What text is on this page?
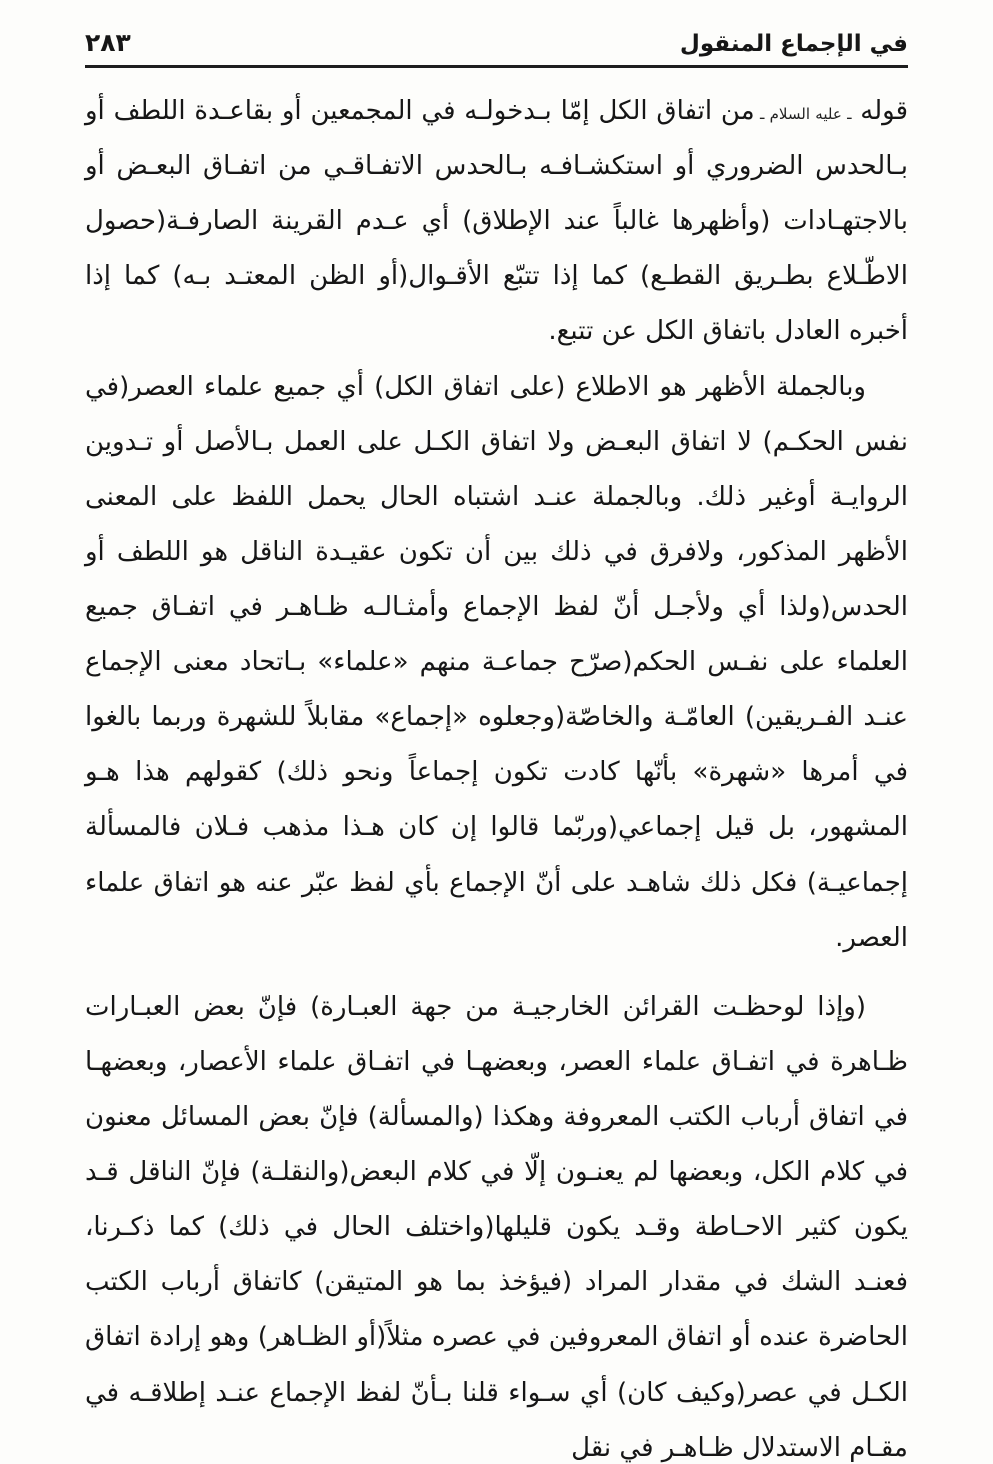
في الإجماع المنقول
٢٨٣

قوله ـ عليه السلام ـ من اتفاق الكل إمّا بـدخولـه في المجمعين أو بقاعـدة اللطف أو بـالحدس الضروري أو استكشـافـه بـالحدس الاتفـاقـي من اتفـاق البعـض أو بالاجتهـادات (وأظهرها غالباً عند الإطلاق) أي عـدم القرينة الصارفـة(حصول الاطّـلاع بطـريق القطـع) كما إذا تتبّع الأقـوال(أو الظن المعتـد بـه) كما إذا أخبره العادل باتفاق الكل عن تتبع.

وبالجملة الأظهر هو الاطلاع (على اتفاق الكل) أي جميع علماء العصر(في نفس الحكـم) لا اتفاق البعـض ولا اتفاق الكـل على العمل بـالأصل أو تـدوين الروايـة أوغير ذلك. وبالجملة عنـد اشتباه الحال يحمل اللفظ على المعنى الأظهر المذكور، ولافرق في ذلك بين أن تكون عقيـدة الناقل هو اللطف أو الحدس(ولذا أي ولأجـل أنّ لفظ الإجماع وأمثـالـه ظـاهـر في اتفـاق جميع العلماء على نفـس الحكم(صرّح جماعـة منهم «علماء» بـاتحاد معنى الإجماع عنـد الفـريقين) العامّـة والخاصّة(وجعلوه «إجماع» مقابلاً للشهرة وربما بالغوا في أمرها «شهرة» بأنّها كادت تكون إجماعاً ونحو ذلك) كقولهم هذا هـو المشهور، بل قيل إجماعي(وربّما قالوا إن كان هـذا مذهب فـلان فالمسألة إجماعيـة) فكل ذلك شاهـد على أنّ الإجماع بأي لفظ عبّر عنه هو اتفاق علماء العصر.

(وإذا لوحظـت القرائن الخارجيـة من جهة العبـارة) فإنّ بعض العبـارات ظـاهرة في اتفـاق علماء العصر، وبعضهـا في اتفـاق علماء الأعصار، وبعضهـا في اتفاق أرباب الكتب المعروفة وهكذا (والمسألة) فإنّ بعض المسائل معنون في كلام الكل، وبعضها لم يعنـون إلّا في كلام البعض(والنقلـة) فإنّ الناقل قـد يكون كثير الاحـاطة وقـد يكون قليلها(واختلف الحال في ذلك) كما ذكـرنا، فعنـد الشك في مقدار المراد (فيؤخذ بما هو المتيقن) كاتفاق أرباب الكتب الحاضرة عنده أو اتفاق المعروفين في عصره مثلاً(أو الظـاهر) وهو إرادة اتفاق الكـل في عصر(وكيف كان) أي سـواء قلنا بـأنّ لفظ الإجماع عنـد إطلاقـه في مقـام الاستدلال ظـاهـر في نقل
